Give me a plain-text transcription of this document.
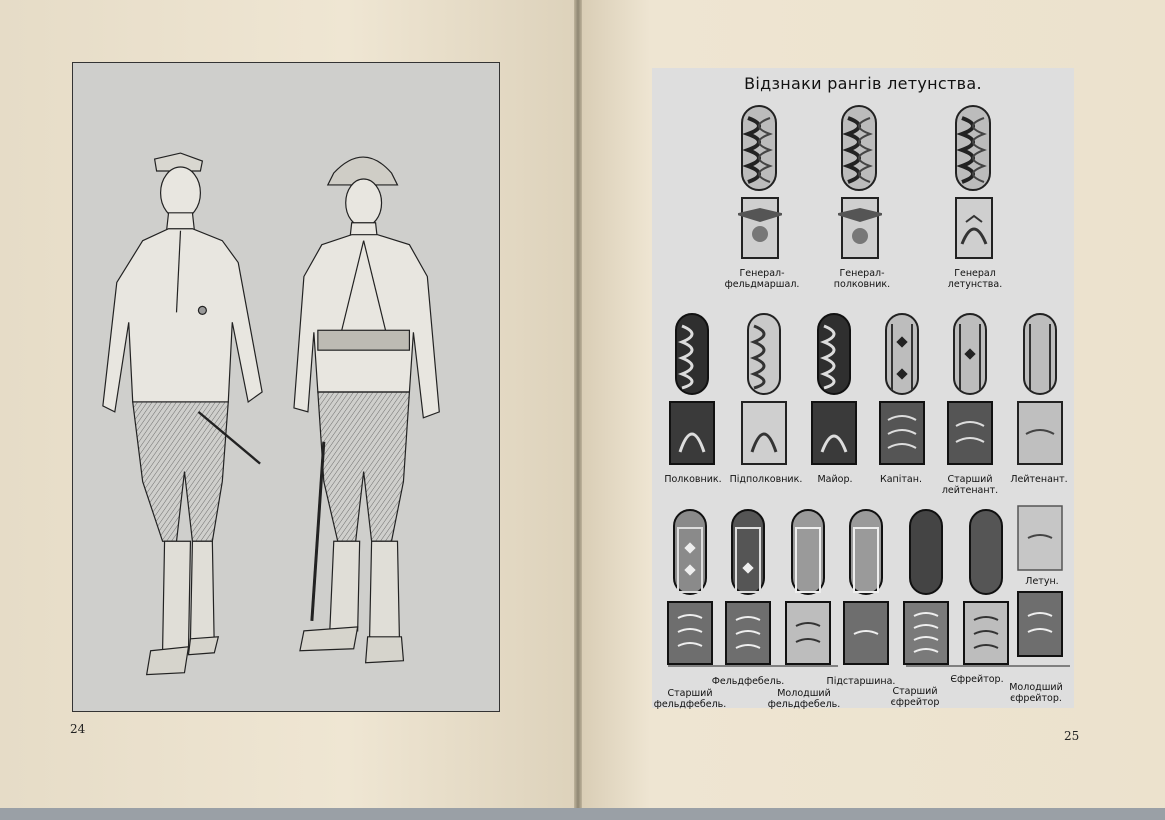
24
Відзнаки рангів летунства.
Генерал-
фельдмаршал.
Генерал-
полковник.
Генерал
летунства.
Полковник. Підполковник.	Майор.	Капітан.	Старший
лейтенант.
Лейтенант.
Летун.
Старший
фельдфебель.
Фельдфебель.
Молодший
фельдфебель.
Підстаршина.
Старший
єфрейтор
Єфрейтор.
Молодший
єфрейтор.
25
